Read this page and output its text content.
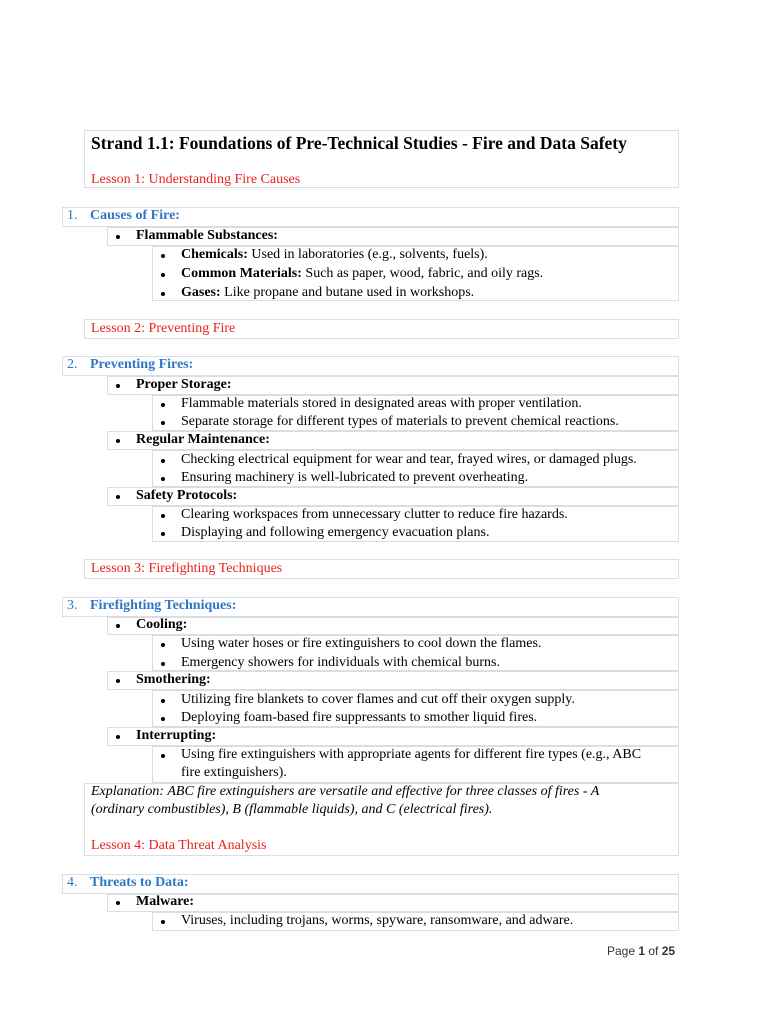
Strand 1.1: Foundations of Pre-Technical Studies - Fire and Data Safety
Lesson 1: Understanding Fire Causes
1. Causes of Fire:
Flammable Substances:
Chemicals: Used in laboratories (e.g., solvents, fuels).
Common Materials: Such as paper, wood, fabric, and oily rags.
Gases: Like propane and butane used in workshops.
Lesson 2: Preventing Fire
2. Preventing Fires:
Proper Storage:
Flammable materials stored in designated areas with proper ventilation.
Separate storage for different types of materials to prevent chemical reactions.
Regular Maintenance:
Checking electrical equipment for wear and tear, frayed wires, or damaged plugs.
Ensuring machinery is well-lubricated to prevent overheating.
Safety Protocols:
Clearing workspaces from unnecessary clutter to reduce fire hazards.
Displaying and following emergency evacuation plans.
Lesson 3: Firefighting Techniques
3. Firefighting Techniques:
Cooling:
Using water hoses or fire extinguishers to cool down the flames.
Emergency showers for individuals with chemical burns.
Smothering:
Utilizing fire blankets to cover flames and cut off their oxygen supply.
Deploying foam-based fire suppressants to smother liquid fires.
Interrupting:
Using fire extinguishers with appropriate agents for different fire types (e.g., ABC
fire extinguishers).
Explanation: ABC fire extinguishers are versatile and effective for three classes of fires - A
(ordinary combustibles), B (flammable liquids), and C (electrical fires).
Lesson 4: Data Threat Analysis
4. Threats to Data:
Malware:
Viruses, including trojans, worms, spyware, ransomware, and adware.
Page 1 of 25
